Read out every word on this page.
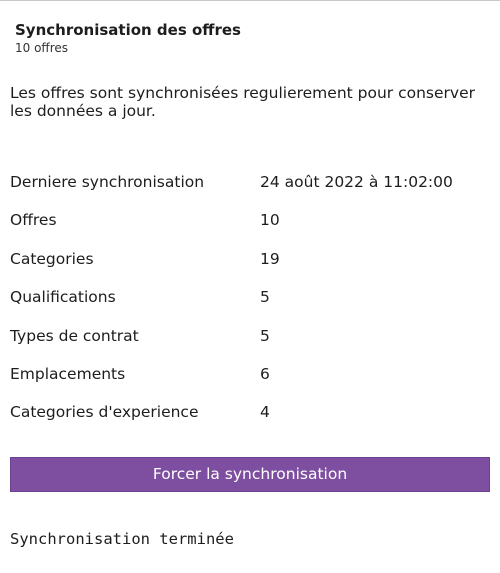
Synchronisation des offres
10 offres
Les offres sont synchronisées regulierement pour conserver les données a jour.
Derniere synchronisation	24 août 2022 à 11:02:00
Offres	10
Categories	19
Qualifications	5
Types de contrat	5
Emplacements	6
Categories d'experience	4
Forcer la synchronisation
Synchronisation terminée
